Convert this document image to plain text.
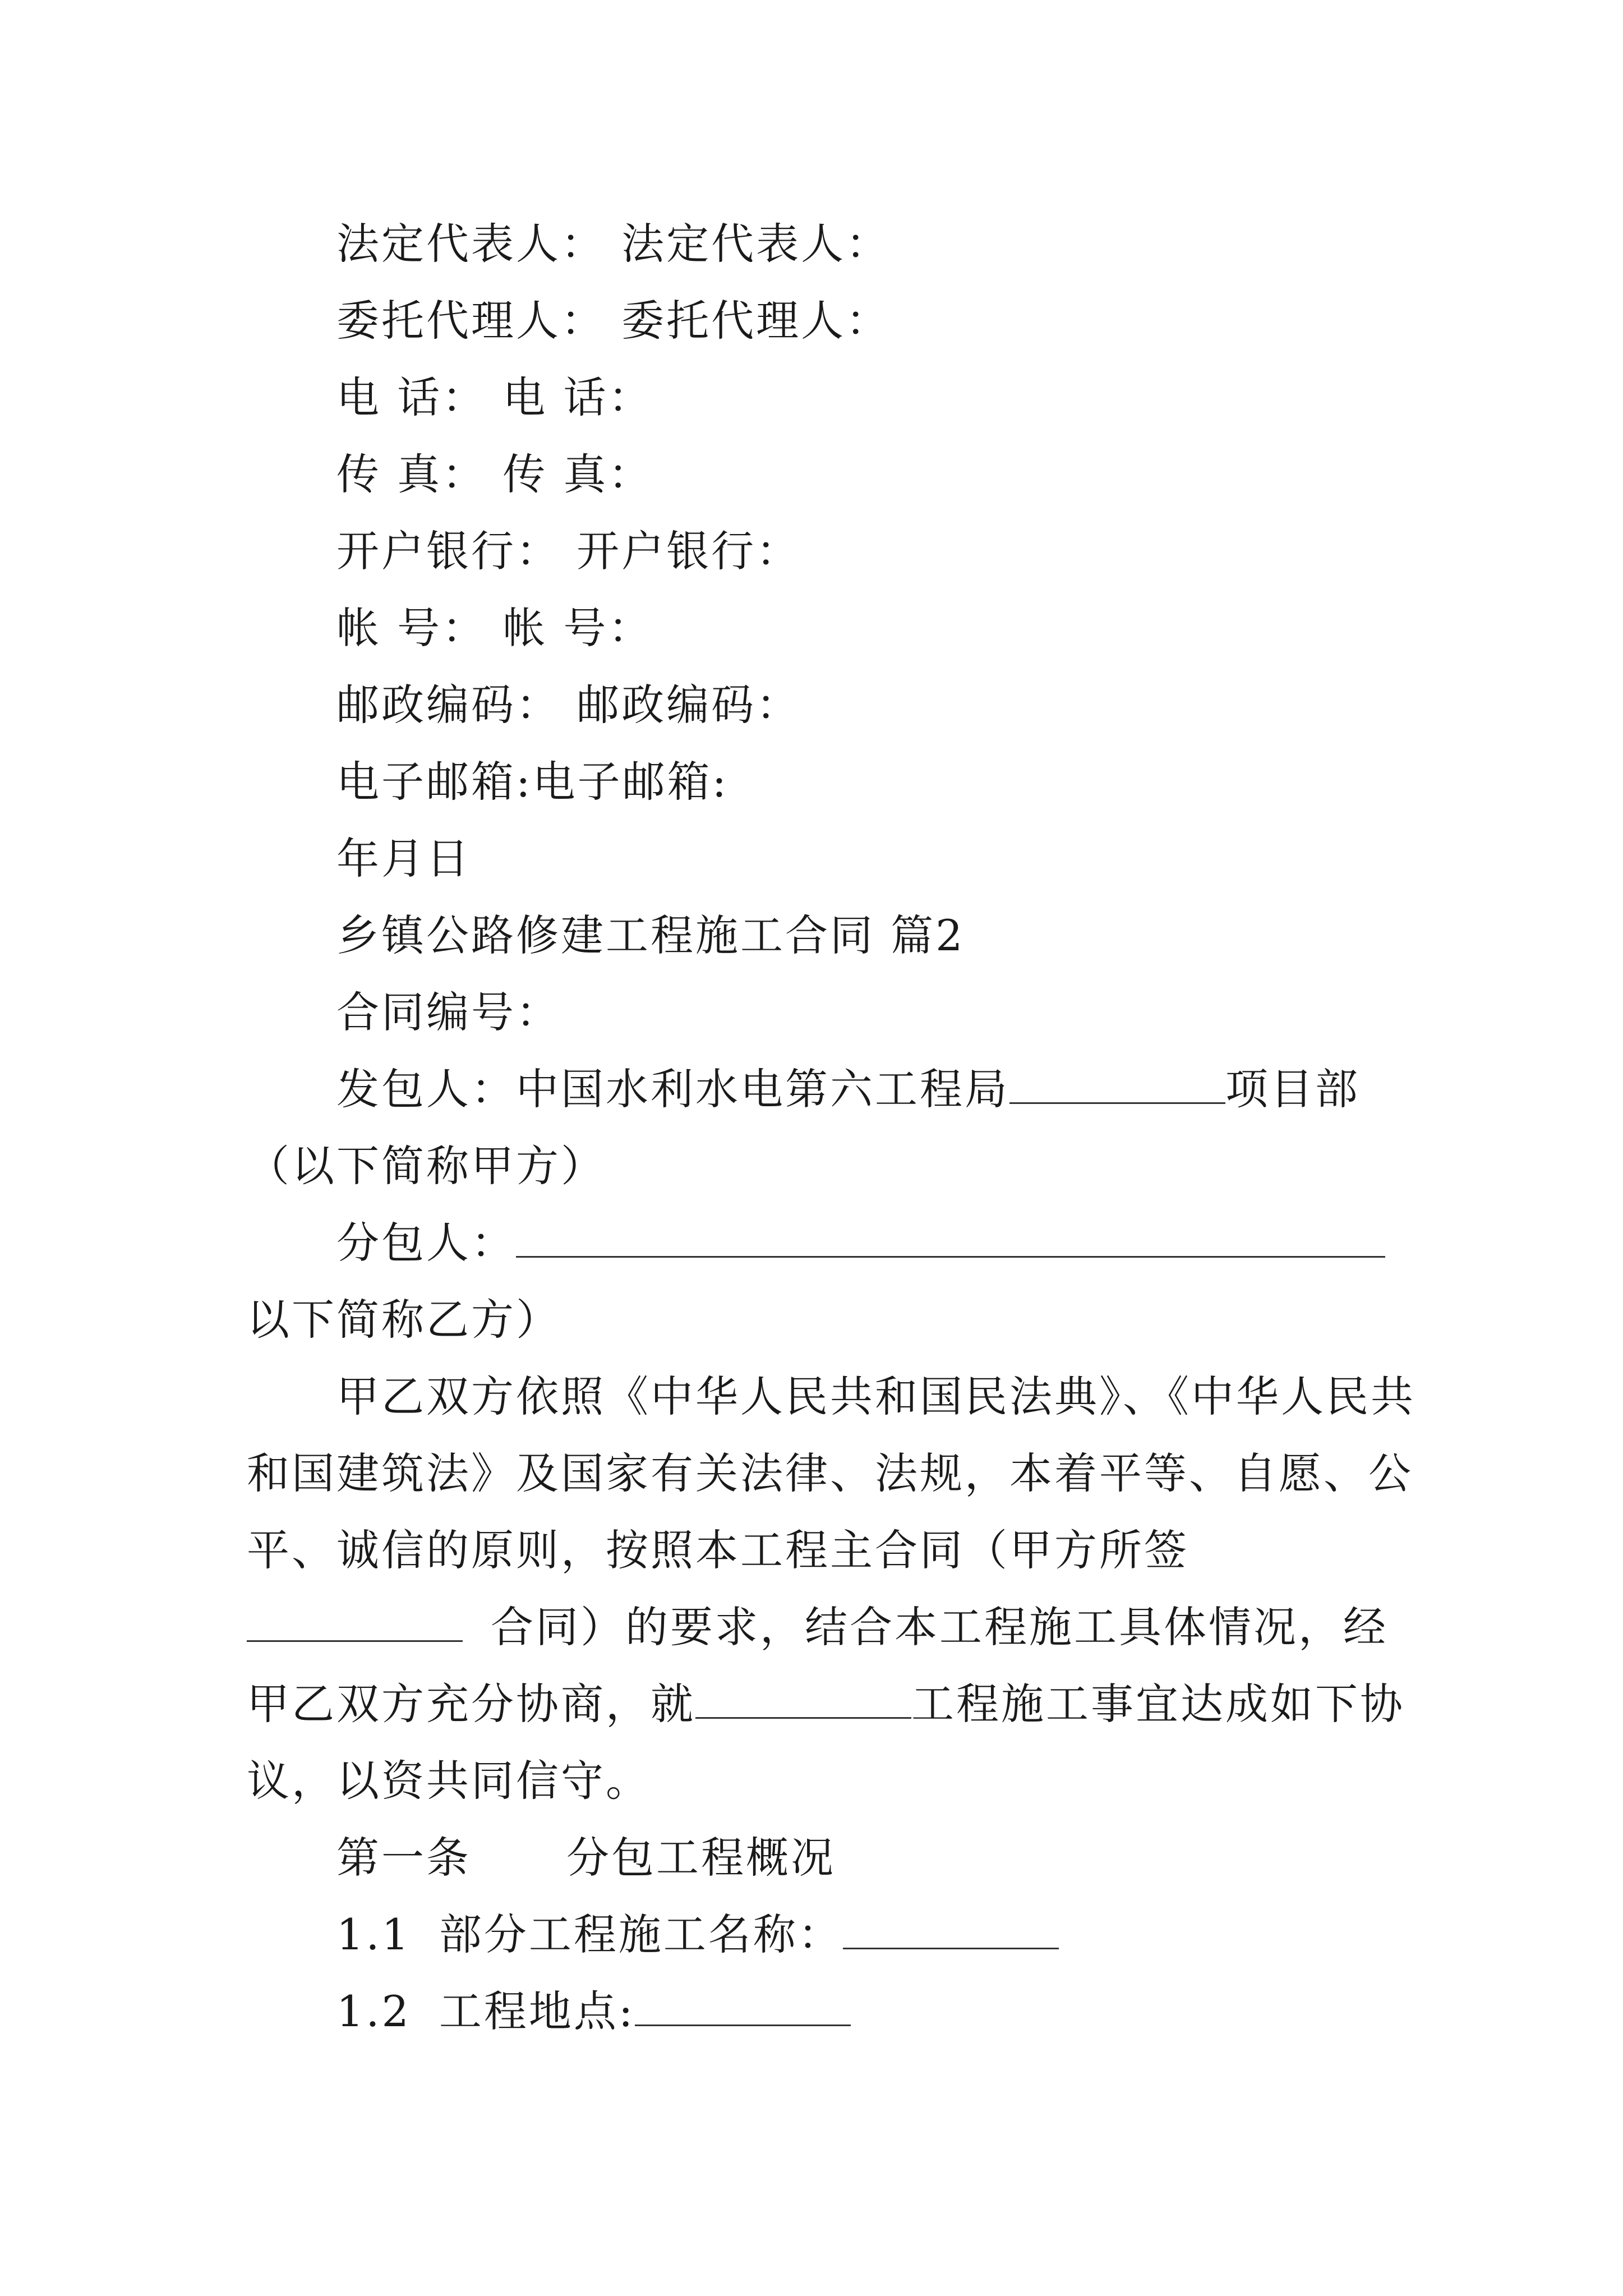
法定代表人： 法定代表人：
委托代理人： 委托代理人：
电 话： 电 话：
传 真： 传 真：
开户银行： 开户银行：
帐 号： 帐 号：
邮政编码： 邮政编码：
电子邮箱:电子邮箱:
年月日
乡镇公路修建工程施工合同 篇2
合同编号：
发包人：中国水利水电第六工程局	项目部
（以下简称甲方）
分包人：
以下简称乙方）
甲乙双方依照《中华人民共和国民法典》、《中华人民共
和国建筑法》及国家有关法律、法规，本着平等、自愿、公
平、诚信的原则，按照本工程主合同（甲方所签
合同）的要求，结合本工程施工具体情况，经
甲乙双方充分协商，就	工程施工事宜达成如下协
议，以资共同信守。
第一条 分包工程概况
1.1 部分工程施工名称：
1.2 工程地点:
